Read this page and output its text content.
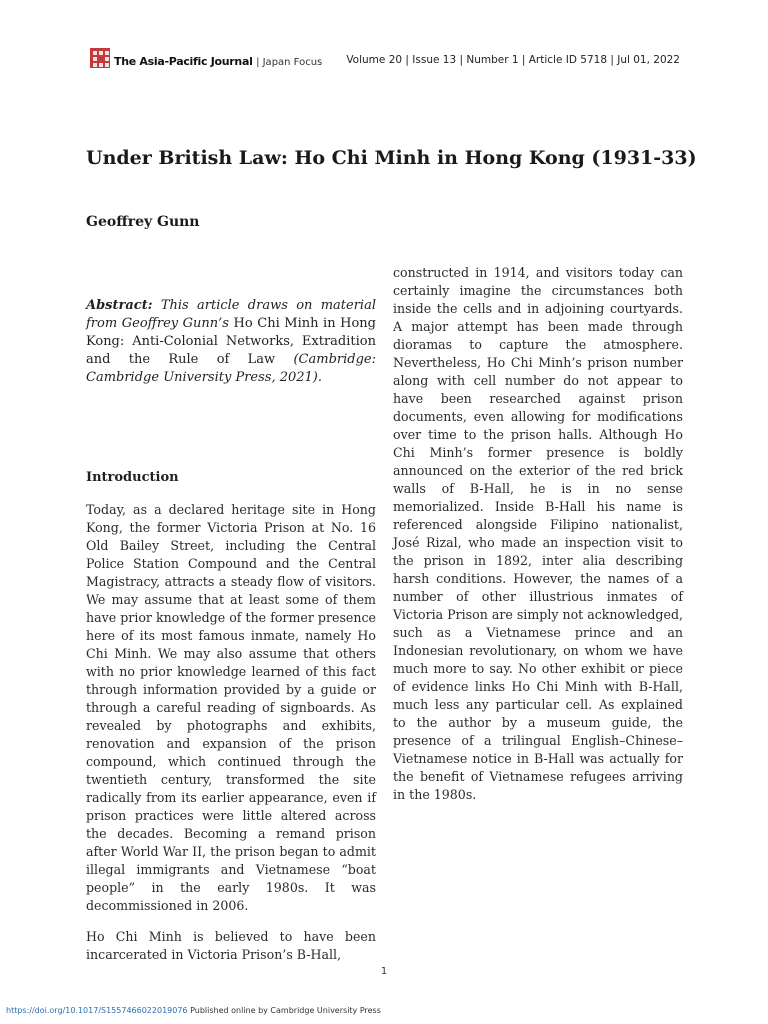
The Asia-Pacific Journal | Japan Focus Volume 20 | Issue 13 | Number 1 | Article ID 5718 | Jul 01, 2022
Under British Law: Ho Chi Minh in Hong Kong (1931-33)
Geoffrey Gunn

Abstract: This article draws on material from Geoffrey Gunn’s Ho Chi Minh in Hong Kong: Anti-Colonial Networks, Extradition and the Rule of Law (Cambridge: Cambridge University Press, 2021).

Introduction

Today, as a declared heritage site in Hong Kong, the former Victoria Prison at No. 16 Old Bailey Street, including the Central Police Station Compound and the Central Magistracy, attracts a steady flow of visitors. We may assume that at least some of them have prior knowledge of the former presence here of its most famous inmate, namely Ho Chi Minh. We may also assume that others with no prior knowledge learned of this fact through information provided by a guide or through a careful reading of signboards. As revealed by photographs and exhibits, renovation and expansion of the prison compound, which continued through the twentieth century, transformed the site radically from its earlier appearance, even if prison practices were little altered across the decades. Becoming a remand prison after World War II, the prison began to admit illegal immigrants and Vietnamese “boat people” in the early 1980s. It was decommissioned in 2006.

Ho Chi Minh is believed to have been incarcerated in Victoria Prison’s B-Hall,

constructed in 1914, and visitors today can certainly imagine the circumstances both inside the cells and in adjoining courtyards. A major attempt has been made through dioramas to capture the atmosphere. Nevertheless, Ho Chi Minh’s prison number along with cell number do not appear to have been researched against prison documents, even allowing for modifications over time to the prison halls. Although Ho Chi Minh’s former presence is boldly announced on the exterior of the red brick walls of B-Hall, he is in no sense memorialized. Inside B-Hall his name is referenced alongside Filipino nationalist, José Rizal, who made an inspection visit to the prison in 1892, inter alia describing harsh conditions. However, the names of a number of other illustrious inmates of Victoria Prison are simply not acknowledged, such as a Vietnamese prince and an Indonesian revolutionary, on whom we have much more to say. No other exhibit or piece of evidence links Ho Chi Minh with B-Hall, much less any particular cell. As explained to the author by a museum guide, the presence of a trilingual English–Chinese–Vietnamese notice in B-Hall was actually for the benefit of Vietnamese refugees arriving in the 1980s.

1
https://doi.org/10.1017/S1557466022019076 Published online by Cambridge University Press
